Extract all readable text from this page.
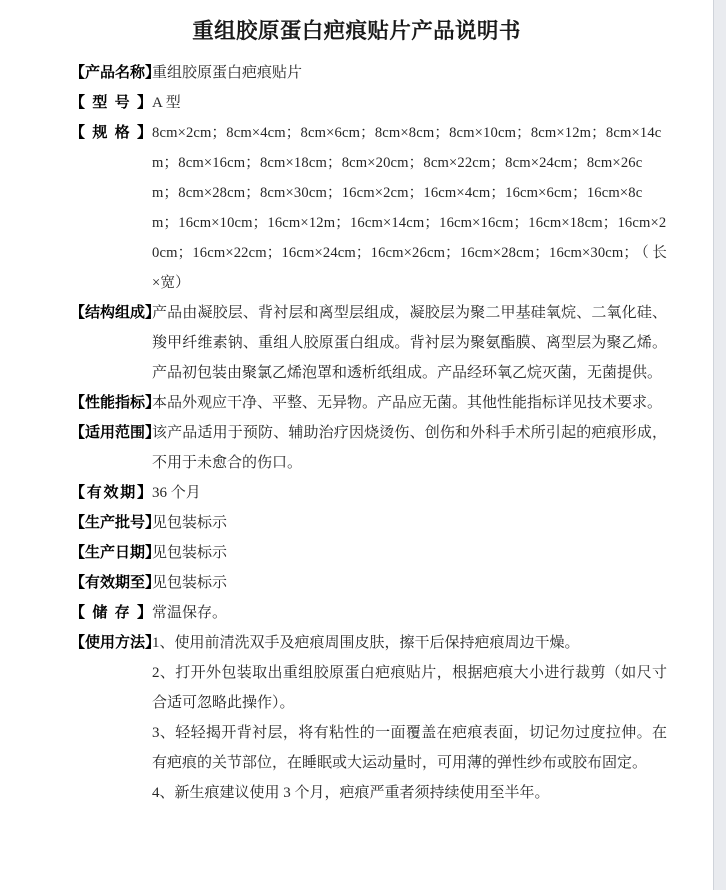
重组胶原蛋白疤痕贴片产品说明书
【产品名称】
重组胶原蛋白疤痕贴片
【 型 号 】 A 型
【 规 格 】 8cm×2cm；8cm×4cm；8cm×6cm；8cm×8cm；8cm×10cm；8cm×12m；8cm×14cm；8cm×16cm；8cm×18cm；8cm×20cm；8cm×22cm；8cm×24cm；8cm×26cm；8cm×28cm；8cm×30cm；16cm×2cm；16cm×4cm；16cm×6cm；16cm×8cm；16cm×10cm；16cm×12m；16cm×14cm；16cm×16cm；16cm×18cm；16cm×20cm；16cm×22cm；16cm×24cm；16cm×26cm；16cm×28cm；16cm×30cm；（长×宽）
【结构组成】
产品由凝胶层、背衬层和离型层组成，凝胶层为聚二甲基硅氧烷、二氧化硅、羧甲纤维素钠、重组人胶原蛋白组成。背衬层为聚氨酯膜、离型层为聚乙烯。产品初包装由聚氯乙烯泡罩和透析纸组成。产品经环氧乙烷灭菌，无菌提供。
【性能指标】
本品外观应干净、平整、无异物。产品应无菌。其他性能指标详见技术要求。
【适用范围】
该产品适用于预防、辅助治疗因烧烫伤、创伤和外科手术所引起的疤痕形成，不用于未愈合的伤口。
【 有 效 期 】 36 个月
【生产批号】
见包装标示
【生产日期】
见包装标示
【有效期至】
见包装标示
【 储 存 】 常温保存。
【使用方法】

1、使用前清洗双手及疤痕周围皮肤，擦干后保持疤痕周边干燥。

2、打开外包装取出重组胶原蛋白疤痕贴片，根据疤痕大小进行裁剪（如尺寸合适可忽略此操作）。

3、轻轻揭开背衬层，将有粘性的一面覆盖在疤痕表面，切记勿过度拉伸。在有疤痕的关节部位，在睡眠或大运动量时，可用薄的弹性纱布或胶布固定。

4、新生痕建议使用 3 个月，疤痕严重者须持续使用至半年。
